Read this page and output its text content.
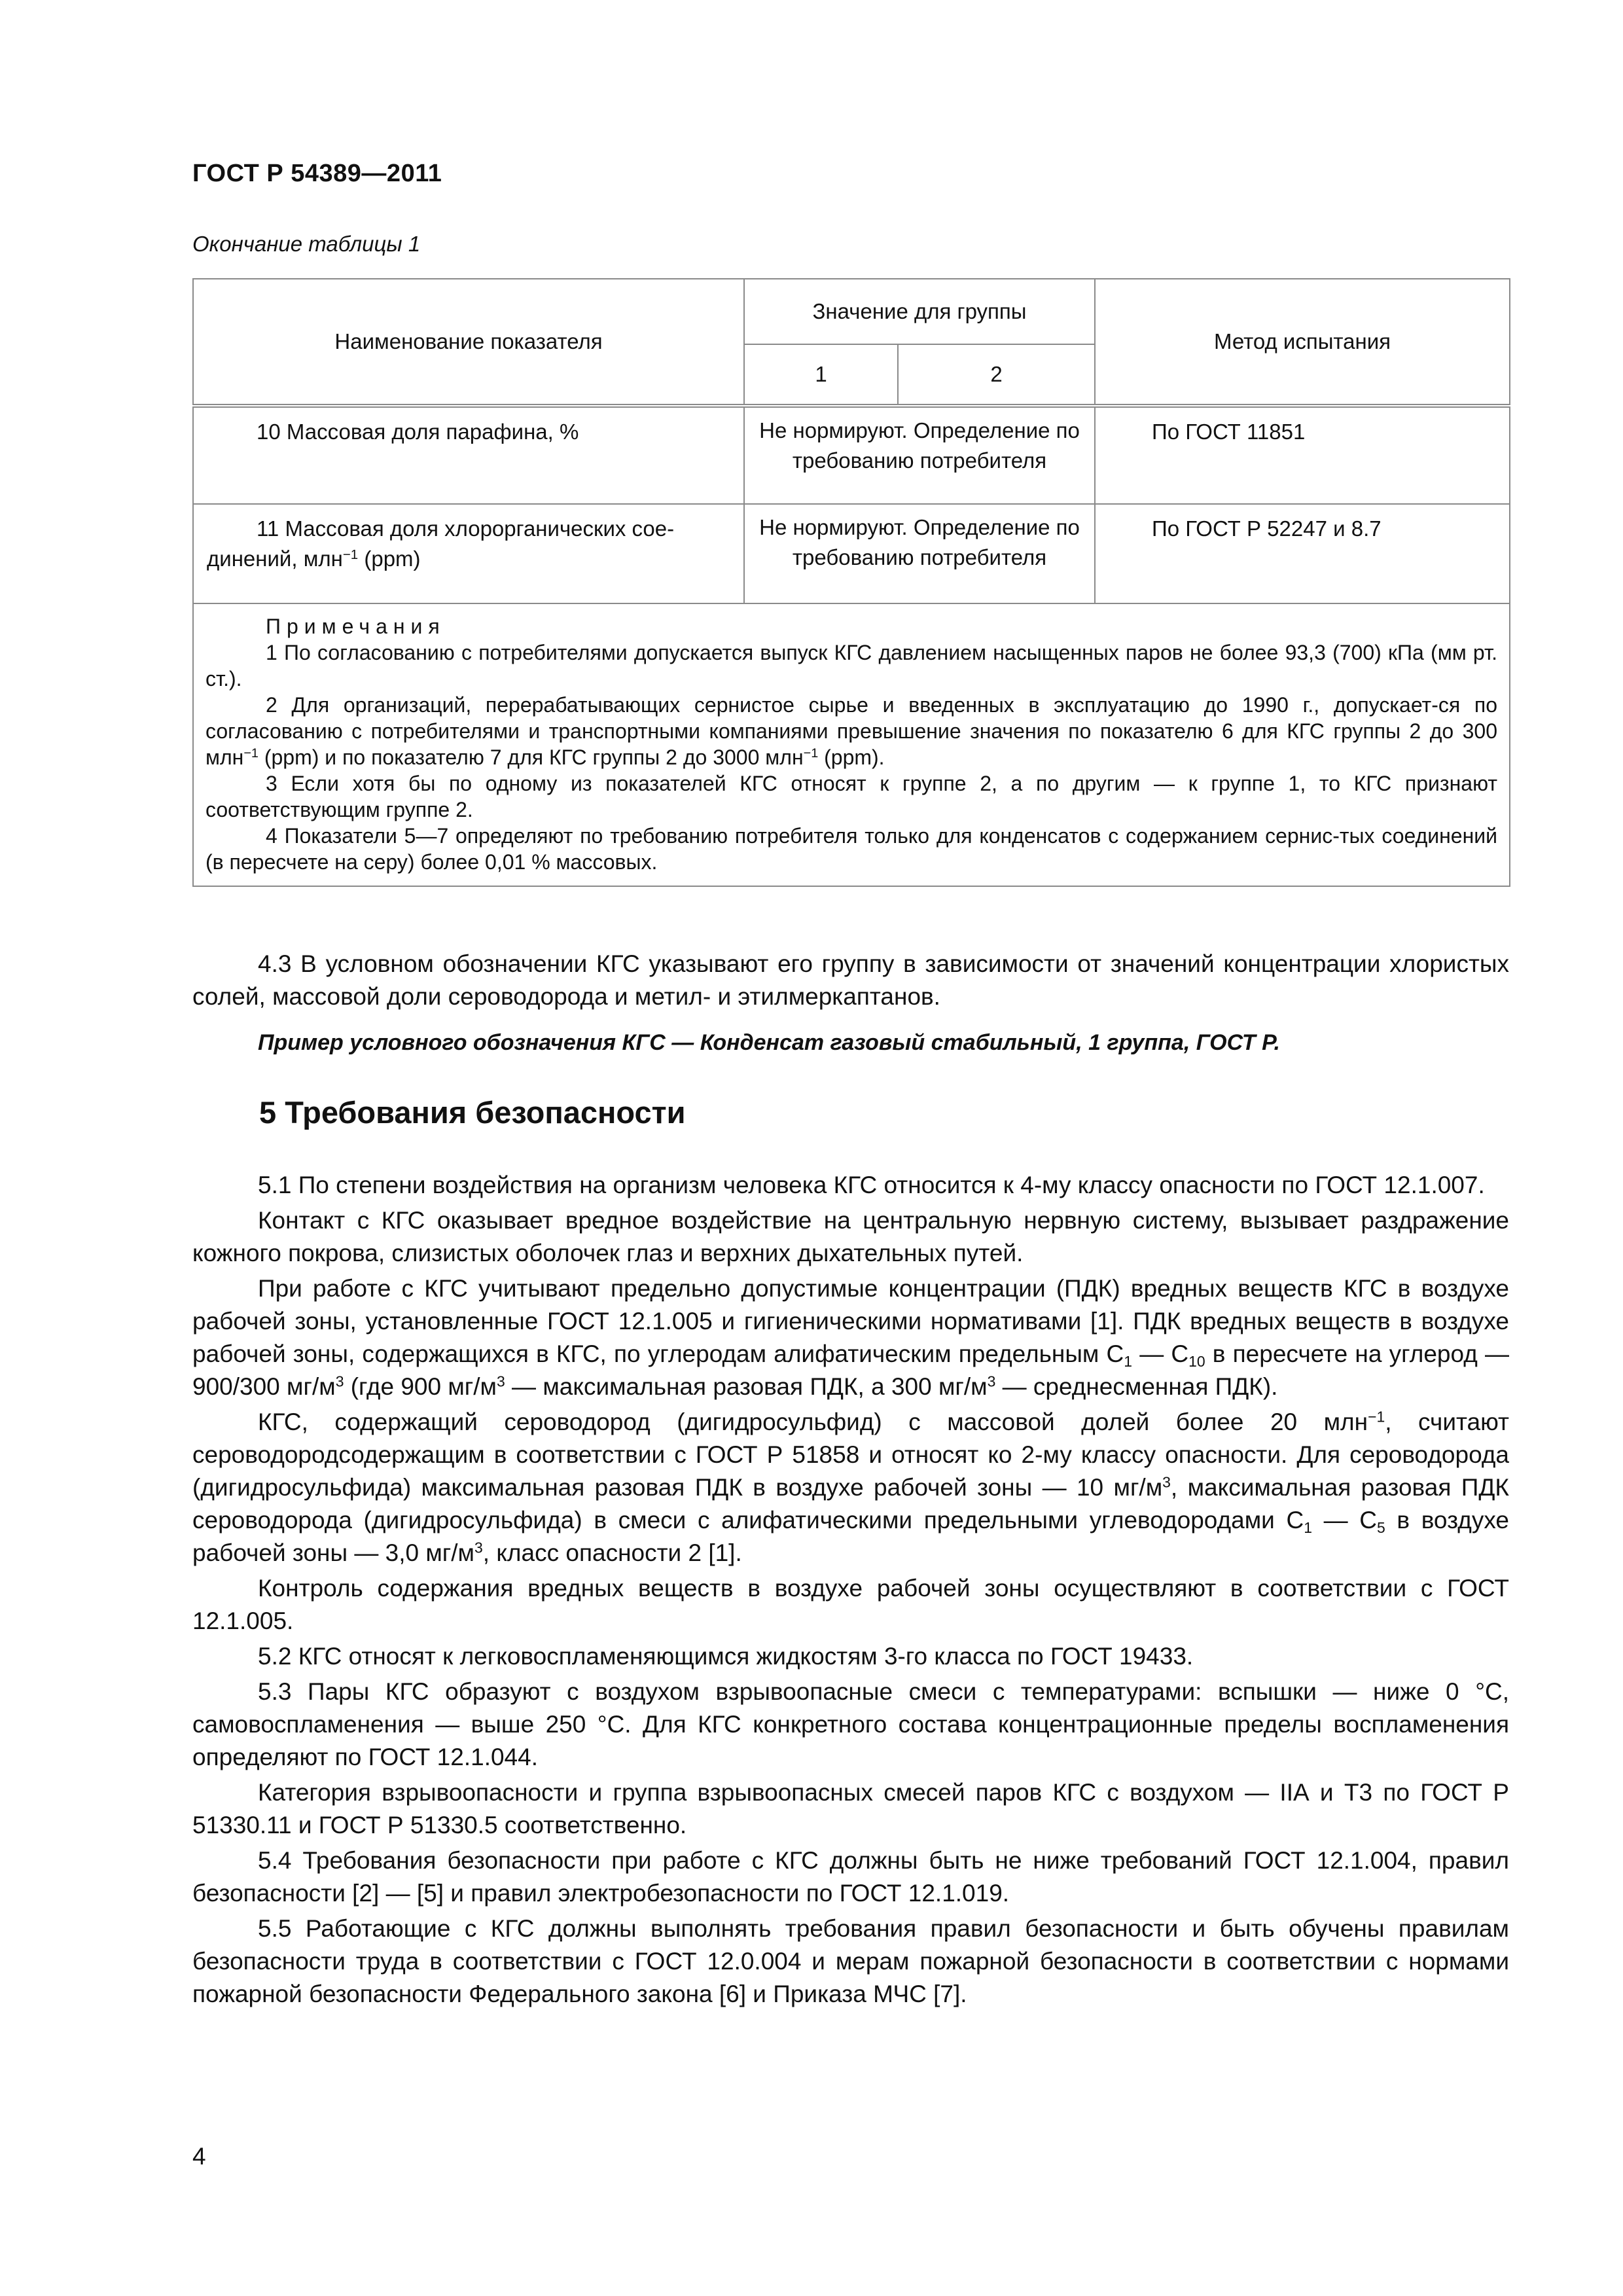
ГОСТ Р 54389—2011
Окончание таблицы 1
Наименование показателя	Значение для группы		Метод испытания
	1	2	
10 Массовая доля парафина, %	Не нормируют. Определение по требованию потребителя		По ГОСТ 11851
11 Массовая доля хлорорганических сое-динений, млн$^{-1}$ (ppm)	Не нормируют. Определение по требованию потребителя		По ГОСТ Р 52247 и 8.7

Примечания

1 По согласованию с потребителями допускается выпуск КГС давлением насыщенных паров не более 93,3 (700) кПа (мм рт. ст.).

2 Для организаций, перерабатывающих сернистое сырье и введенных в эксплуатацию до 1990 г., допускает-ся по согласованию с потребителями и транспортными компаниями превышение значения по показателю 6 для КГС группы 2 до 300 млн$^{-1}$ (ppm) и по показателю 7 для КГС группы 2 до 3000 млн$^{-1}$ (ppm).

3 Если хотя бы по одному из показателей КГС относят к группе 2, а по другим — к группе 1, то КГС признают соответствующим группе 2.

4 Показатели 5—7 определяют по требованию потребителя только для конденсатов с содержанием сернис-тых соединений (в пересчете на серу) более 0,01 % массовых.			

4.3 В условном обозначении КГС указывают его группу в зависимости от значений концентрации хлористых солей, массовой доли сероводорода и метил- и этилмеркаптанов.

Пример условного обозначения КГС — Конденсат газовый стабильный, 1 группа, ГОСТ Р.

5 Требования безопасности

5.1 По степени воздействия на организм человека КГС относится к 4-му классу опасности по ГОСТ 12.1.007.

Контакт с КГС оказывает вредное воздействие на центральную нервную систему, вызывает раздражение кожного покрова, слизистых оболочек глаз и верхних дыхательных путей.

При работе с КГС учитывают предельно допустимые концентрации (ПДК) вредных веществ КГС в воздухе рабочей зоны, установленные ГОСТ 12.1.005 и гигиеническими нормативами [1]. ПДК вредных веществ в воздухе рабочей зоны, содержащихся в КГС, по углеродам алифатическим предельным $С_1$ — $С_{10}$ в пересчете на углерод — 900/300 $мг/м^3$ (где 900 $мг/м^3$ — максимальная разовая ПДК, а 300 $мг/м^3$ — среднесменная ПДК).

КГС, содержащий сероводород (дигидросульфид) с массовой долей более 20 млн$^{-1}$, считают сероводородсодержащим в соответствии с ГОСТ Р 51858 и относят ко 2-му классу опасности. Для сероводорода (дигидросульфида) максимальная разовая ПДК в воздухе рабочей зоны — 10 $мг/м^3$, максимальная разовая ПДК сероводорода (дигидросульфида) в смеси с алифатическими предельными углеводородами $С_1$ — $С_5$ в воздухе рабочей зоны — 3,0 $мг/м^3$, класс опасности 2 [1].

Контроль содержания вредных веществ в воздухе рабочей зоны осуществляют в соответствии с ГОСТ 12.1.005.

5.2 КГС относят к легковоспламеняющимся жидкостям 3-го класса по ГОСТ 19433.

5.3 Пары КГС образуют с воздухом взрывоопасные смеси с температурами: вспышки — ниже 0 °С, самовоспламенения — выше 250 °С. Для КГС конкретного состава концентрационные пределы воспламенения определяют по ГОСТ 12.1.044.

Категория взрывоопасности и группа взрывоопасных смесей паров КГС с воздухом — IIА и Т3 по ГОСТ Р 51330.11 и ГОСТ Р 51330.5 соответственно.

5.4 Требования безопасности при работе с КГС должны быть не ниже требований ГОСТ 12.1.004, правил безопасности [2] — [5] и правил электробезопасности по ГОСТ 12.1.019.

5.5 Работающие с КГС должны выполнять требования правил безопасности и быть обучены правилам безопасности труда в соответствии с ГОСТ 12.0.004 и мерам пожарной безопасности в соответствии с нормами пожарной безопасности Федерального закона [6] и Приказа МЧС [7].

4
